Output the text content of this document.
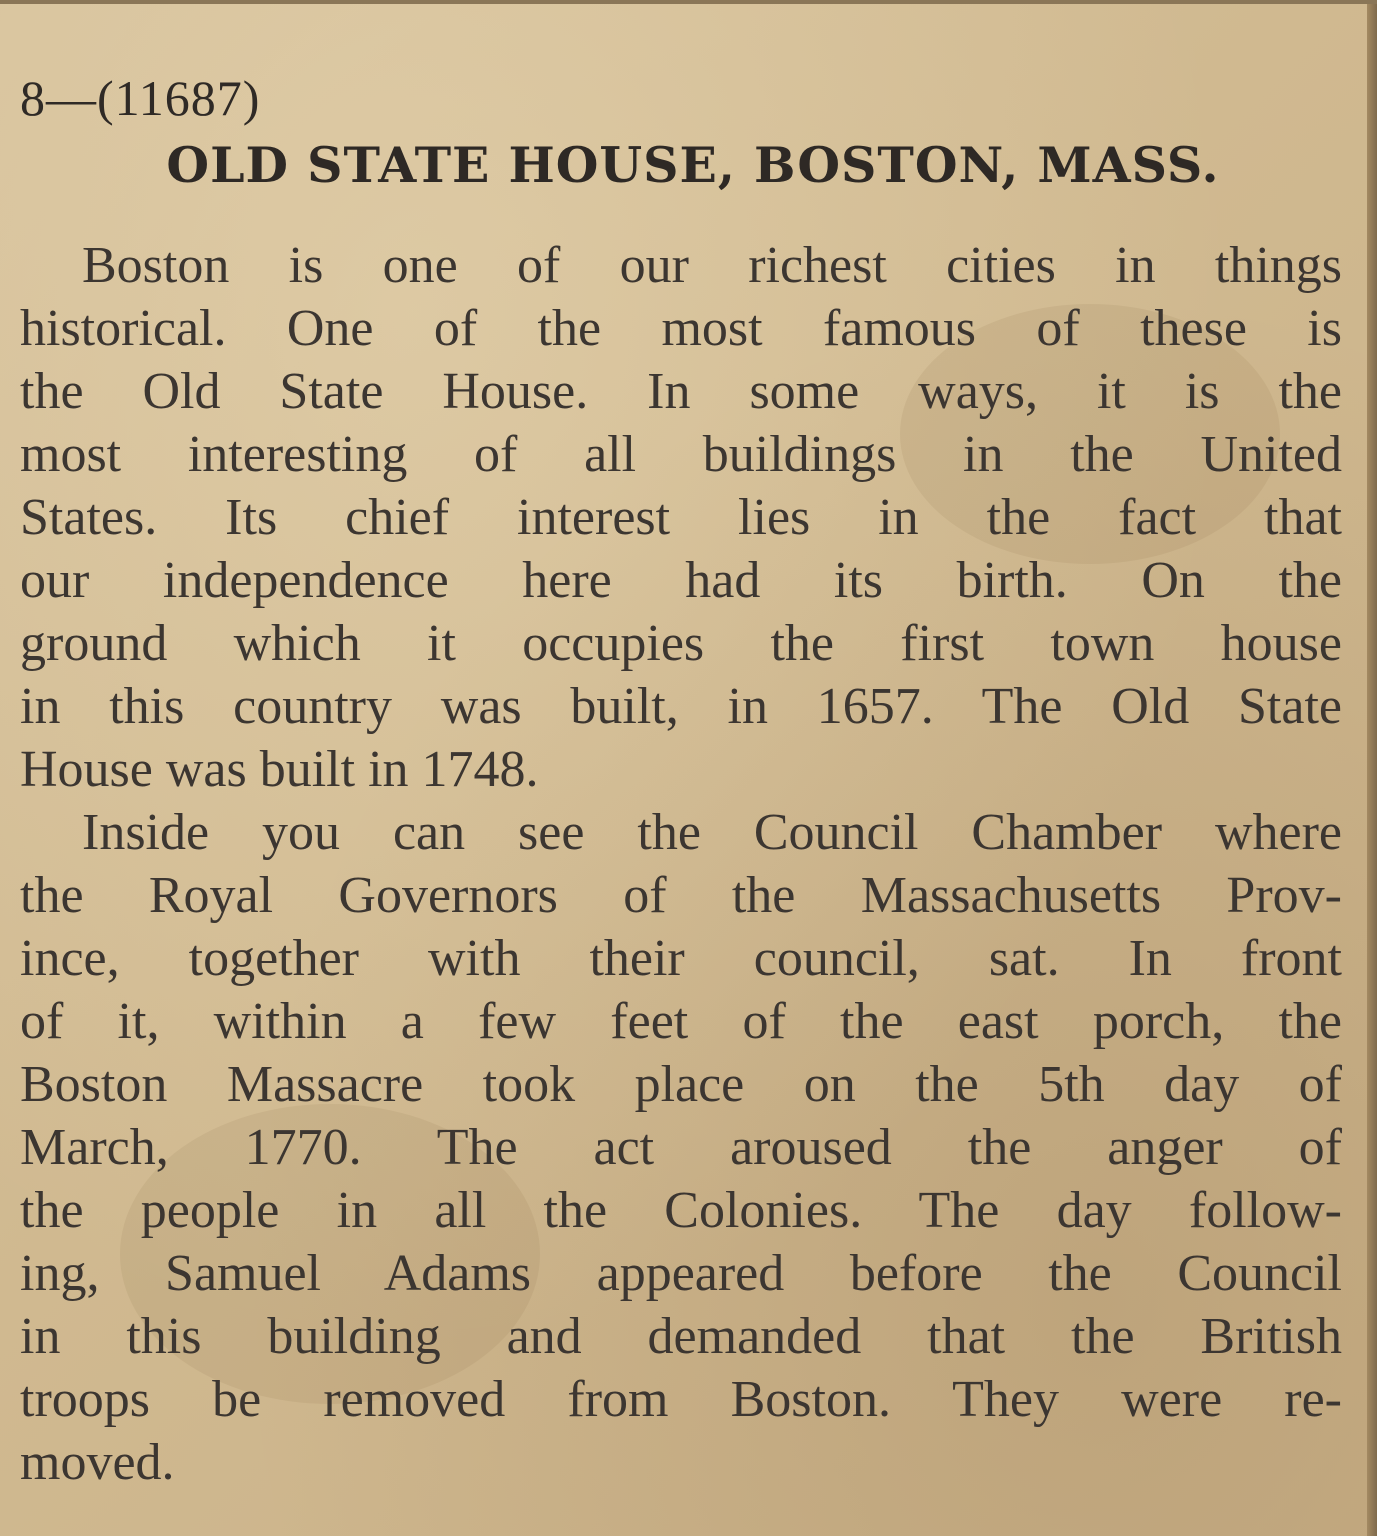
8—(11687)
OLD STATE HOUSE, BOSTON, MASS.
Boston is one of our richest cities in things
historical. One of the most famous of these is
the Old State House. In some ways, it is the
most interesting of all buildings in the United
States. Its chief interest lies in the fact that
our independence here had its birth. On the
ground which it occupies the first town house
in this country was built, in 1657. The Old State
House was built in 1748.
Inside you can see the Council Chamber where
the Royal Governors of the Massachusetts Prov-
ince, together with their council, sat. In front
of it, within a few feet of the east porch, the
Boston Massacre took place on the 5th day of
March, 1770. The act aroused the anger of
the people in all the Colonies. The day follow-
ing, Samuel Adams appeared before the Council
in this building and demanded that the British
troops be removed from Boston. They were re-
moved.
